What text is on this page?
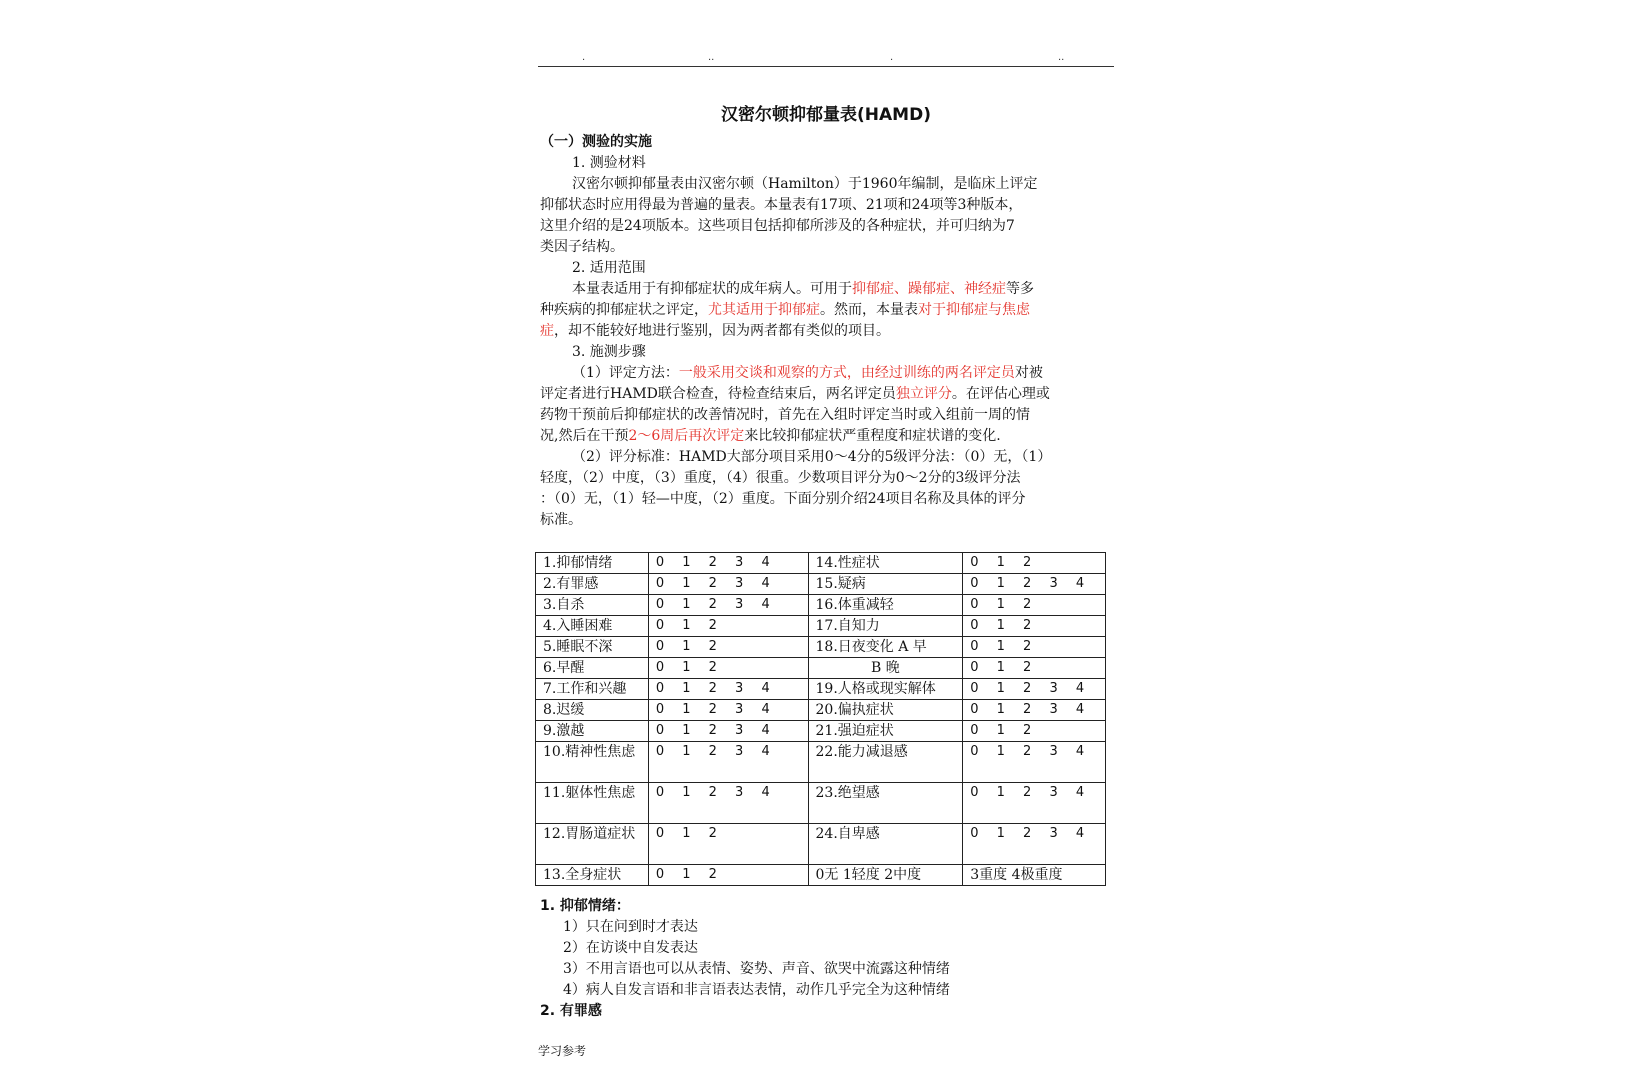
.	..	.	..
汉密尔顿抑郁量表(HAMD)
（一）测验的实施
1. 测验材料
汉密尔顿抑郁量表由汉密尔顿（Hamilton）于1960年编制，是临床上评定
抑郁状态时应用得最为普遍的量表。本量表有17项、21项和24项等3种版本，
这里介绍的是24项版本。这些项目包括抑郁所涉及的各种症状，并可归纳为7
类因子结构。
2. 适用范围
本量表适用于有抑郁症状的成年病人。可用于抑郁症、躁郁症、神经症等多
种疾病的抑郁症状之评定，尤其适用于抑郁症。然而，本量表对于抑郁症与焦虑
症，却不能较好地进行鉴别，因为两者都有类似的项目。
3. 施测步骤
（1）评定方法：一般采用交谈和观察的方式，由经过训练的两名评定员对被
评定者进行HAMD联合检查，待检查结束后，两名评定员独立评分。在评估心理或
药物干预前后抑郁症状的改善情况时，首先在入组时评定当时或入组前一周的情
况,然后在干预2～6周后再次评定来比较抑郁症状严重程度和症状谱的变化.
（2）评分标准：HAMD大部分项目采用0～4分的5级评分法：（0）无，（1）
轻度，（2）中度，（3）重度，（4）很重。少数项目评分为0～2分的3级评分法
：（0）无，（1）轻—中度，（2）重度。下面分别介绍24项目名称及具体的评分
标准。
1.抑郁情绪	0 1 2 3 4	14.性症状	0 1 2
2.有罪感	0 1 2 3 4	15.疑病	0 1 2 3 4
3.自杀	0 1 2 3 4	16.体重减轻	0 1 2
4.入睡困难	0 1 2	17.自知力	0 1 2
5.睡眠不深	0 1 2	18.日夜变化 A 早	0 1 2
6.早醒	0 1 2	B 晚	0 1 2
7.工作和兴趣	0 1 2 3 4	19.人格或现实解体	0 1 2 3 4
8.迟缓	0 1 2 3 4	20.偏执症状	0 1 2 3 4
9.激越	0 1 2 3 4	21.强迫症状	0 1 2
10.精神性焦虑	0 1 2 3 4	22.能力减退感	0 1 2 3 4
11.躯体性焦虑	0 1 2 3 4	23.绝望感	0 1 2 3 4
12.胃肠道症状	0 1 2	24.自卑感	0 1 2 3 4
13.全身症状	0 1 2	0无 1轻度 2中度	3重度 4极重度
1. 抑郁情绪：
1）只在问到时才表达
2）在访谈中自发表达
3）不用言语也可以从表情、姿势、声音、欲哭中流露这种情绪
4）病人自发言语和非言语表达表情，动作几乎完全为这种情绪
2. 有罪感
学习参考
